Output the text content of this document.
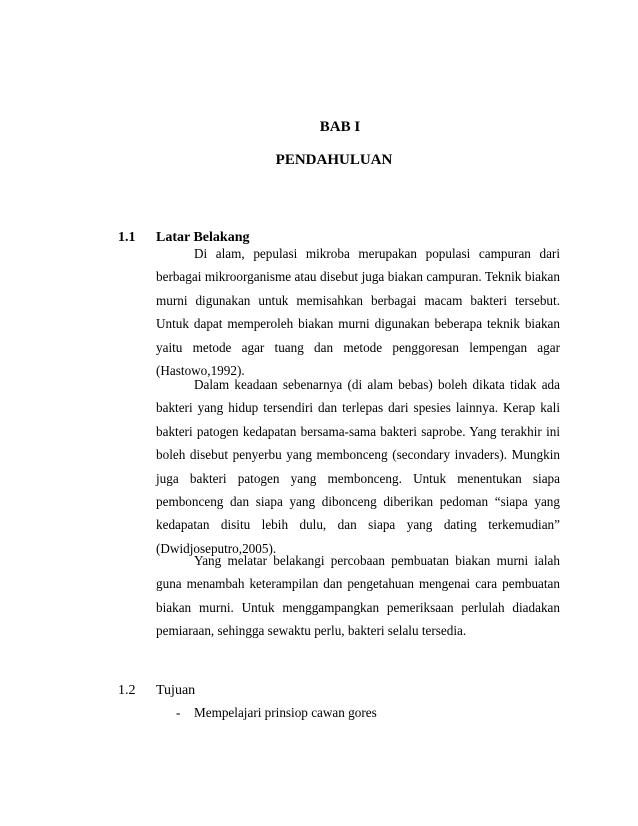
BAB I
PENDAHULUAN
1.1 Latar Belakang

Di alam, pepulasi mikroba merupakan populasi campuran dari berbagai mikroorganisme atau disebut juga biakan campuran. Teknik biakan murni digunakan untuk memisahkan berbagai macam bakteri tersebut. Untuk dapat memperoleh biakan murni digunakan beberapa teknik biakan yaitu metode agar tuang dan metode penggoresan lempengan agar (Hastowo,1992).

Dalam keadaan sebenarnya (di alam bebas) boleh dikata tidak ada bakteri yang hidup tersendiri dan terlepas dari spesies lainnya. Kerap kali bakteri patogen kedapatan bersama-sama bakteri saprobe. Yang terakhir ini boleh disebut penyerbu yang membonceng (secondary invaders). Mungkin juga bakteri patogen yang membonceng. Untuk menentukan siapa pembonceng dan siapa yang dibonceng diberikan pedoman “siapa yang kedapatan disitu lebih dulu, dan siapa yang dating terkemudian” (Dwidjoseputro,2005).

Yang melatar belakangi percobaan pembuatan biakan murni ialah guna menambah keterampilan dan pengetahuan mengenai cara pembuatan biakan murni. Untuk menggampangkan pemeriksaan perlulah diadakan pemiaraan, sehingga sewaktu perlu, bakteri selalu tersedia.

1.2 Tujuan
-	Mempelajari prinsiop cawan gores
